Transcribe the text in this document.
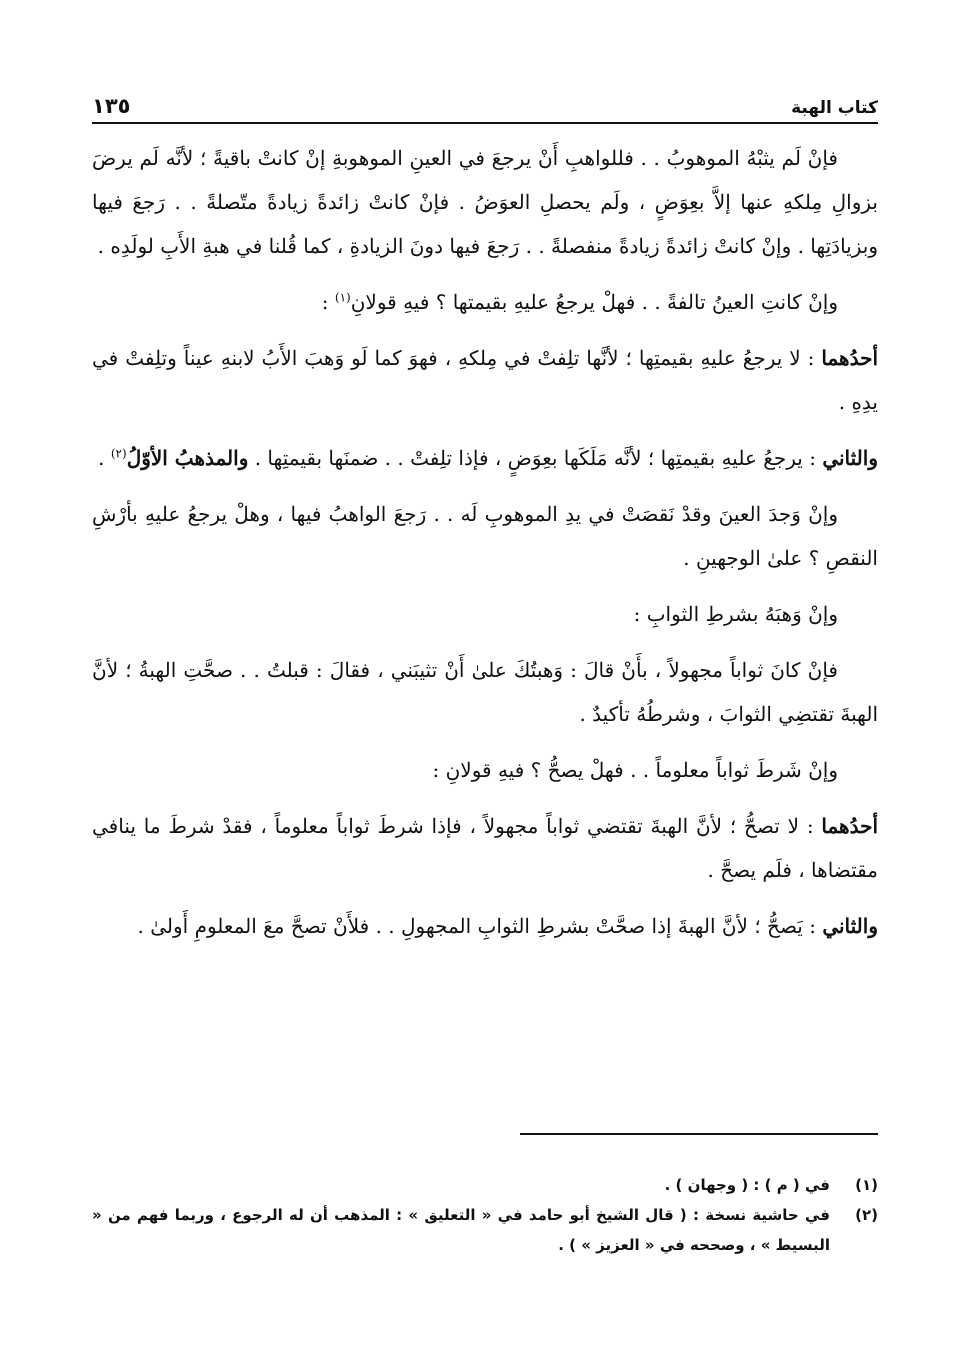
كتاب الهبة
١٣٥

فإنْ لَم يثبْهُ الموهوبُ . . فللواهبِ أَنْ يرجعَ في العينِ الموهوبةِ إنْ كانتْ باقيةً ؛ لأنَّه لَم يرضَ بزوالِ مِلكهِ عنها إلاَّ بعِوَضٍ ، ولَم يحصلِ العوَضُ . فإنْ كانتْ زائدةً زيادةً متّصلةً . . رَجعَ فيها وبزيادَتِها . وإنْ كانتْ زائدةً زيادةً منفصلةً . . رَجعَ فيها دونَ الزيادةِ ، كما قُلنا في هبةِ الأَبِ لولَدِه .

وإنْ كانتِ العينُ تالفةً . . فهلْ يرجعُ عليهِ بقيمتها ؟ فيهِ قولانِ$^{(١)}$ :

أحدُهما : لا يرجعُ عليهِ بقيمتِها ؛ لأنَّها تلِفتْ في مِلكهِ ، فهوَ كما لَو وَهبَ الأَبُ لابنهِ عيناً وتلِفتْ في يدِهِ .

والثاني : يرجعُ عليهِ بقيمتِها ؛ لأنَّه مَلَكَها بعِوَضٍ ، فإذا تلِفتْ . . ضمنَها بقيمتِها . والمذهبُ الأوّلُ$^{(٢)}$ .

وإنْ وَجدَ العينَ وقدْ نَقصَتْ في يدِ الموهوبِ لَه . . رَجعَ الواهبُ فيها ، وهلْ يرجعُ عليهِ بأرْشِ النقصِ ؟ علىٰ الوجهينِ .

وإنْ وَهبَهُ بشرطِ الثوابِ :

فإنْ كانَ ثواباً مجهولاً ، بأَنْ قالَ : وَهبتُكَ علىٰ أَنْ تثيبَني ، فقالَ : قبلتُ . . صحَّتِ الهبةُ ؛ لأنَّ الهبةَ تقتضِي الثوابَ ، وشرطُهُ تأكيدٌ .

وإنْ شَرطَ ثواباً معلوماً . . فهلْ يصحُّ ؟ فيهِ قولانِ :

أحدُهما : لا تصحُّ ؛ لأنَّ الهبةَ تقتضي ثواباً مجهولاً ، فإذا شرطَ ثواباً معلوماً ، فقدْ شرطَ ما ينافي مقتضاها ، فلَم يصحَّ .

والثاني : يَصحُّ ؛ لأنَّ الهبةَ إذا صحَّتْ بشرطِ الثوابِ المجهولِ . . فلأَنْ تصحَّ معَ المعلومِ أَولىٰ .

(١)
في ( م ) : ( وجهان ) .
(٢)
في حاشية نسخة : ( قال الشيخ أبو حامد في « التعليق » : المذهب أن له الرجوع ، وربما فهم من « البسيط » ، وصححه في « العزيز » ) .
